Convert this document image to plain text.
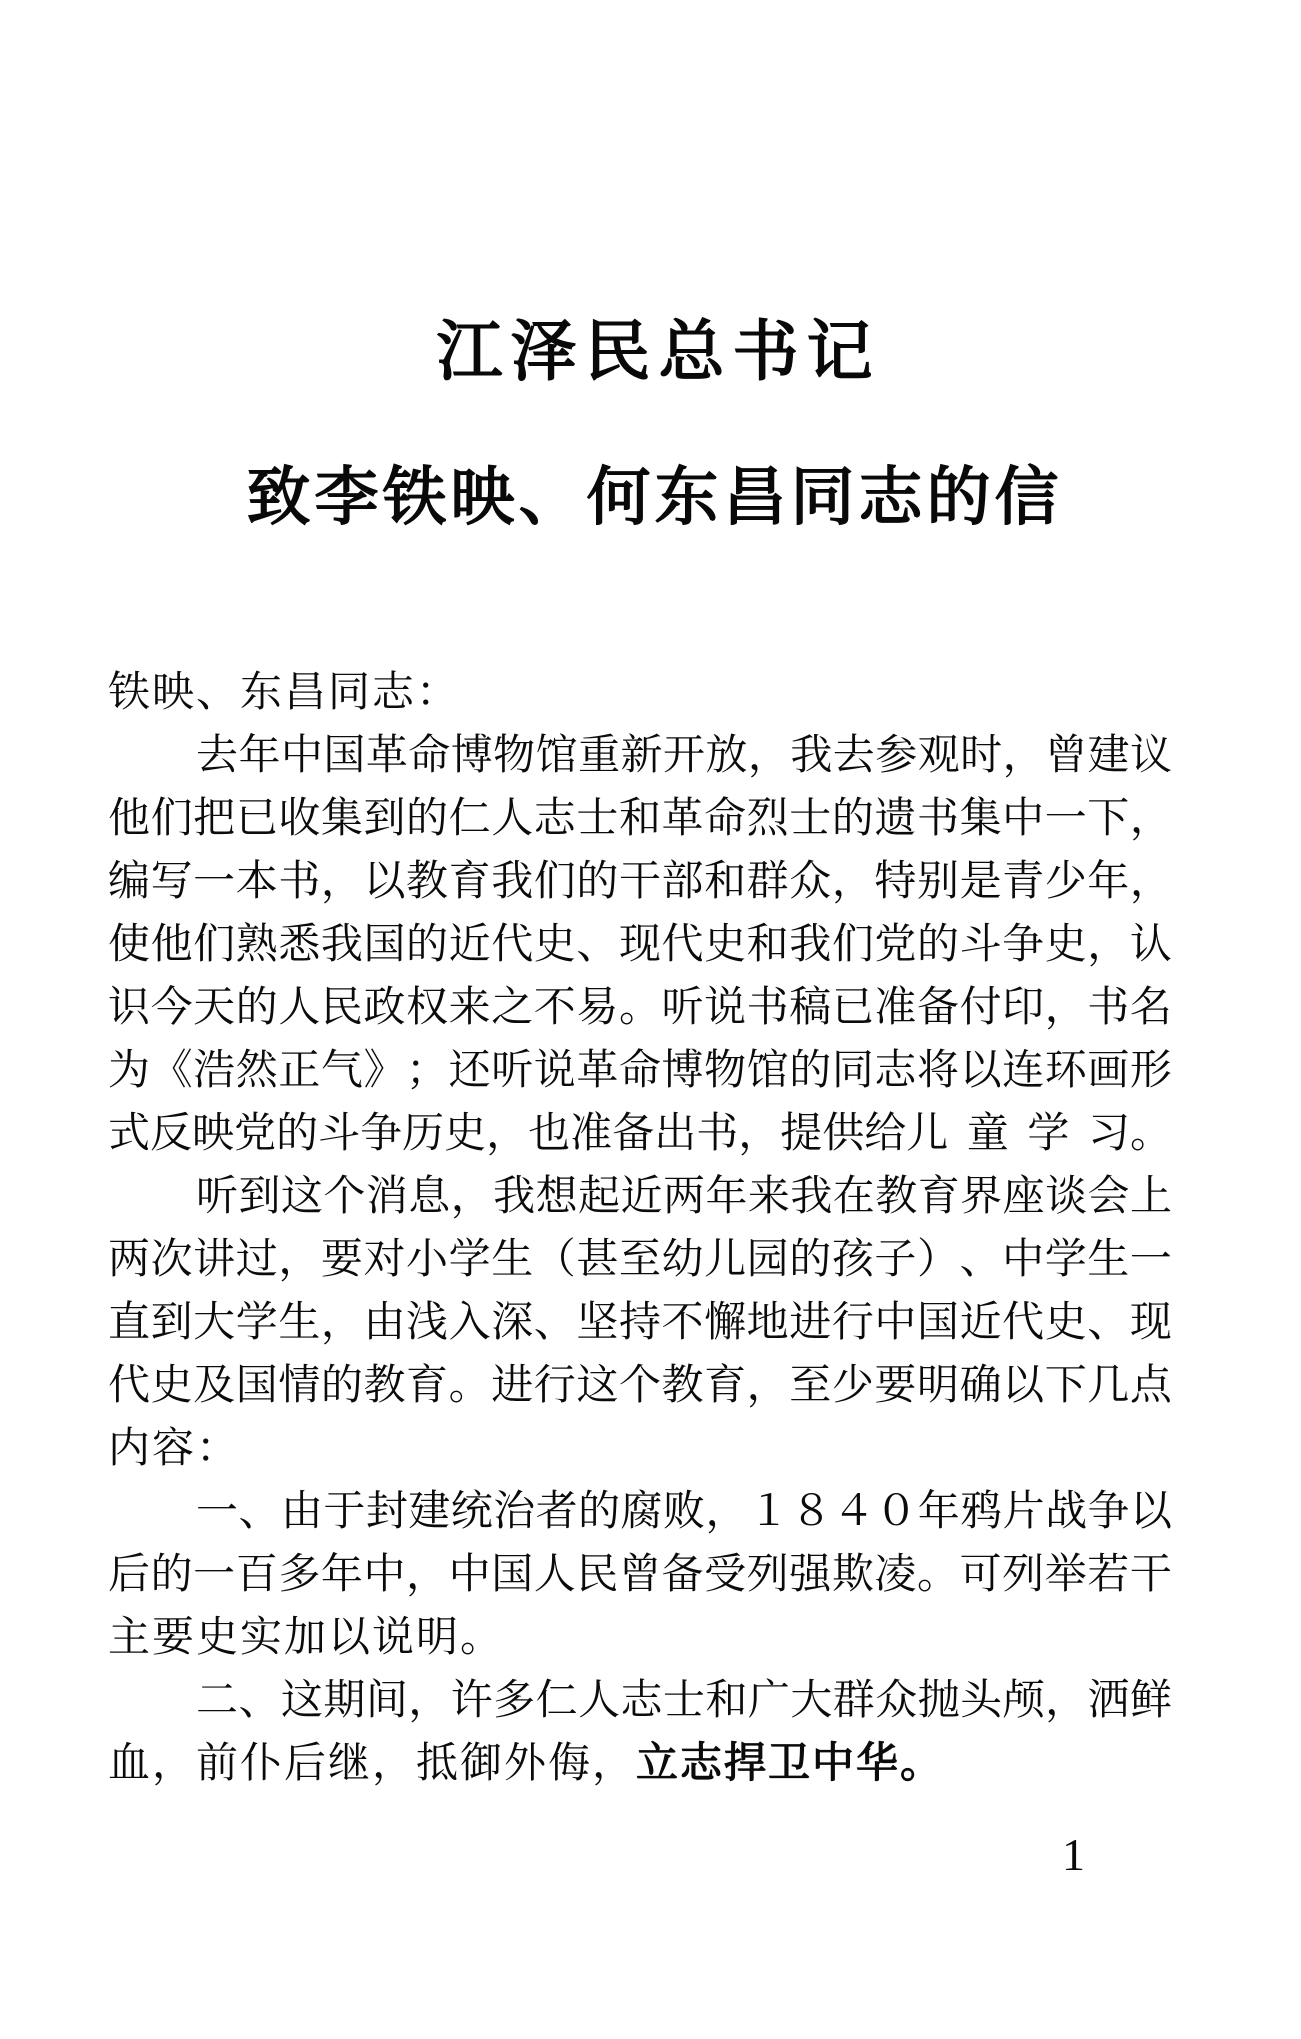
江泽民总书记
致李铁映、何东昌同志的信
铁映、东昌同志：
去 年 中 国 革 命 博 物 馆 重 新 开 放 ， 我 去 参 观 时 ， 曾 建 议
他 们 把 已 收 集 到 的 仁 人 志 士 和 革 命 烈 士 的 遗 书 集 中 一 下 ，
编 写 一 本 书 ， 以 教 育 我 们 的 干 部 和 群 众 ， 特 别 是 青 少 年 ，
使 他 们 熟 悉 我 国 的 近 代 史 、 现 代 史 和 我 们 党 的 斗 争 史 ， 认
识 今 天 的 人 民 政 权 来 之 不 易 。 听 说 书 稿 已 准 备 付 印 ， 书 名
为 《 浩 然 正 气 》 ； 还 听 说 革 命 博 物 馆 的 同 志 将 以 连 环 画 形
式 反 映 党 的 斗 争 历 史 ， 也 准 备 出 书 ， 提 供 给 儿
童
学
习 。
听 到 这 个 消 息 ， 我 想 起 近 两 年 来 我 在 教 育 界 座 谈 会 上
两 次 讲 过 ， 要 对 小 学 生 （ 甚 至 幼 儿 园 的 孩 子 ） 、 中 学 生 一
直 到 大 学 生 ， 由 浅 入 深 、 坚 持 不 懈 地 进 行 中 国 近 代 史 、 现
代 史 及 国 情 的 教 育 。 进 行 这 个 教 育 ， 至 少 要 明 确 以 下 几 点
内容：
一 、 由 于 封 建 统 治 者 的 腐 败 ， １ ８ ４ ０ 年 鸦 片 战 争 以
后 的 一 百 多 年 中 ， 中 国 人 民 曾 备 受 列 强 欺 凌 。 可 列 举 若 干
主要史实加以说明。
二 、 这 期 间 ， 许 多 仁 人 志 士 和 广 大 群 众 抛 头 颅 ， 洒 鲜
血，前仆后继，抵御外侮，立志捍卫中华。
1
